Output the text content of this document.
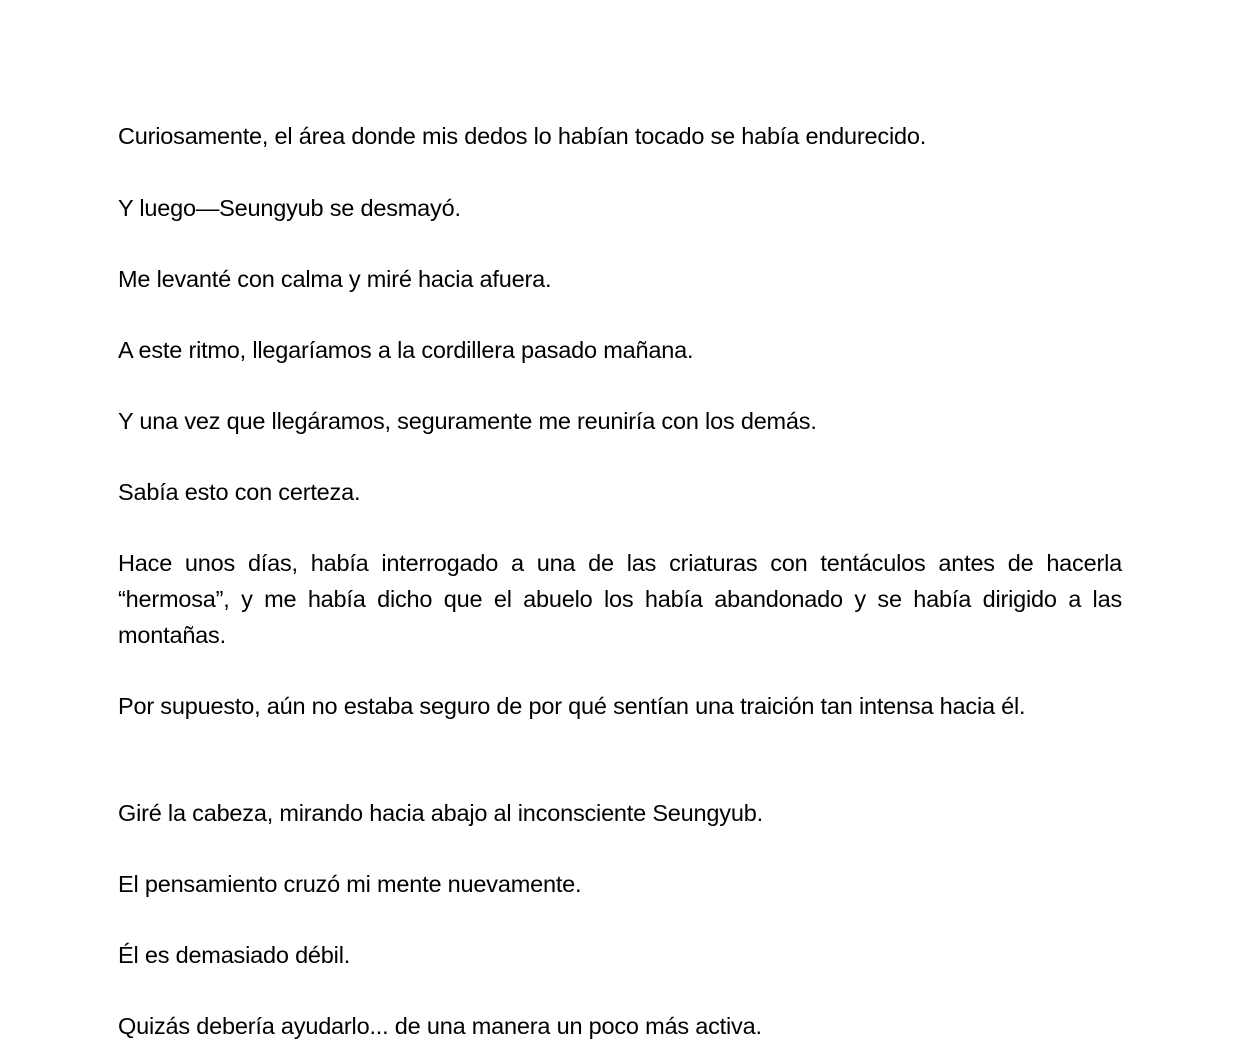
Curiosamente, el área donde mis dedos lo habían tocado se había endurecido.

Y luego—Seungyub se desmayó.

Me levanté con calma y miré hacia afuera.

A este ritmo, llegaríamos a la cordillera pasado mañana.

Y una vez que llegáramos, seguramente me reuniría con los demás.

Sabía esto con certeza.

Hace unos días, había interrogado a una de las criaturas con tentáculos antes de hacerla “hermosa”, y me había dicho que el abuelo los había abandonado y se había dirigido a las montañas.

Por supuesto, aún no estaba seguro de por qué sentían una traición tan intensa hacia él.

Giré la cabeza, mirando hacia abajo al inconsciente Seungyub.

El pensamiento cruzó mi mente nuevamente.

Él es demasiado débil.

Quizás debería ayudarlo... de una manera un poco más activa.
